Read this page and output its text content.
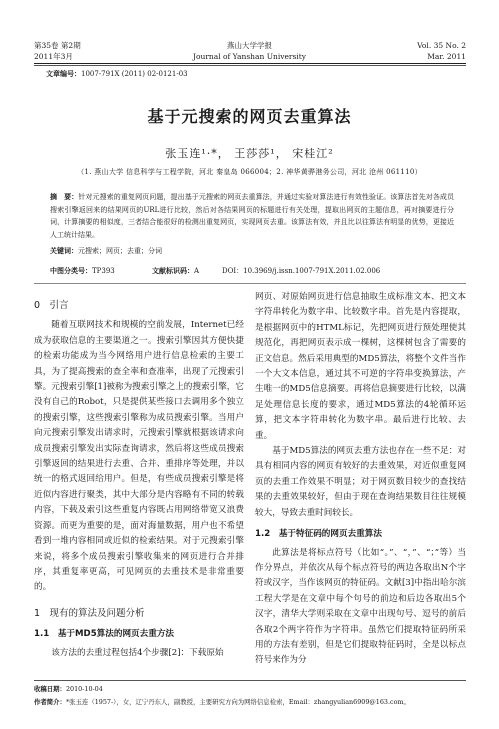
第35卷 第2期
2011年3月
燕山大学学报
Journal of Yanshan University
Vol. 35 No. 2
Mar. 2011
文章编号：1007-791X (2011) 02-0121-03
基于元搜索的网页去重算法
张玉连¹·*， 王莎莎¹， 宋桂江²
（1. 燕山大学 信息科学与工程学院，河北 秦皇岛 066004；2. 神华黄骅港务公司，河北 沧州 061110）
摘　要：针对元搜索的重复网页问题，提出基于元搜索的网页去重算法，并通过实验对算法进行有效性验证。该算法首先对各成员搜索引擎返回来的结果网页的URL进行比较，然后对各结果网页的标题进行有关处理，提取出网页的主题信息，再对摘要进行分词，计算摘要的相似度，三者结合能很好的检测出重复网页，实现网页去重。该算法有效，并且比以往算法有明显的优势，更接近人工统计结果。
关键词：元搜索；网页；去重；分词
中图分类号：TP393	文献标识码：A	DOI：10.3969/j.issn.1007-791X.2011.02.006
0　引言

随着互联网技术和规模的空前发展，Internet已经成为获取信息的主要渠道之一。搜索引擎因其方便快捷的检索功能成为当今网络用户进行信息检索的主要工具，为了提高搜索的查全率和查准率，出现了元搜索引擎。元搜索引擎[1]被称为搜索引擎之上的搜索引擎，它没有自己的Robot，只是提供某些接口去调用多个独立的搜索引擎，这些搜索引擎称为成员搜索引擎。当用户向元搜索引擎发出请求时，元搜索引擎就根据该请求向成员搜索引擎发出实际查询请求，然后将这些成员搜索引擎返回的结果进行去重、合并、重排序等处理，并以统一的格式返回给用户。但是，有些成员搜索引擎是将近似内容进行聚类，其中大部分是内容略有不同的转载内容，下载及索引这些重复内容既占用网络带宽又浪费资源。而更为重要的是，面对海量数据，用户也不希望看到一堆内容相同或近似的检索结果。对于元搜索引擎来说，将多个成员搜索引擎收集来的网页进行合并排序，其重复率更高，可见网页的去重技术是非常重要的。

1　现有的算法及问题分析
1.1　基于MD5算法的网页去重方法

该方法的去重过程包括4个步骤[2]：下载原始

网页、对原始网页进行信息抽取生成标准文本、把文本字符串转化为数字串、比较数字串。首先是内容提取，是根据网页中的HTML标记，先把网页进行预处理使其规范化，再把网页表示成一棵树，这棵树包含了需要的正文信息。然后采用典型的MD5算法，将整个文件当作一个大文本信息，通过其不可逆的字符串变换算法，产生唯一的MD5信息摘要。再将信息摘要进行比较，以满足处理信息长度的要求，通过MD5算法的4轮循环运算，把文本字符串转化为数字串。最后进行比较、去重。

基于MD5算法的网页去重方法也存在一些不足：对具有相同内容的网页有较好的去重效果，对近似重复网页的去重工作效果不明显；对于网页数目较少的查找结果的去重效果较好，但由于现在查询结果数目往往规模较大，导致去重时间较长。

1.2　基于特征码的网页去重算法

此算法是将标点符号（比如“。”、“，”、“；”等）当作分界点，并依次从每个标点符号的两边各取出N个字符或汉字，当作该网页的特征码。文献[3]中指出哈尔滨工程大学是在文章中每个句号的前边和后边各取出5个汉字，清华大学则采取在文章中出现句号、逗号的前后各取2个两字符作为字符串。虽然它们提取特征码所采用的方法有差别，但是它们提取特征码时，全是以标点符号来作为分

收稿日期：2010-10-04
作者简介：*张玉连（1957-），女，辽宁丹东人，副教授，主要研究方向为网络信息检索，Email：zhangyulian6909@163.com。
